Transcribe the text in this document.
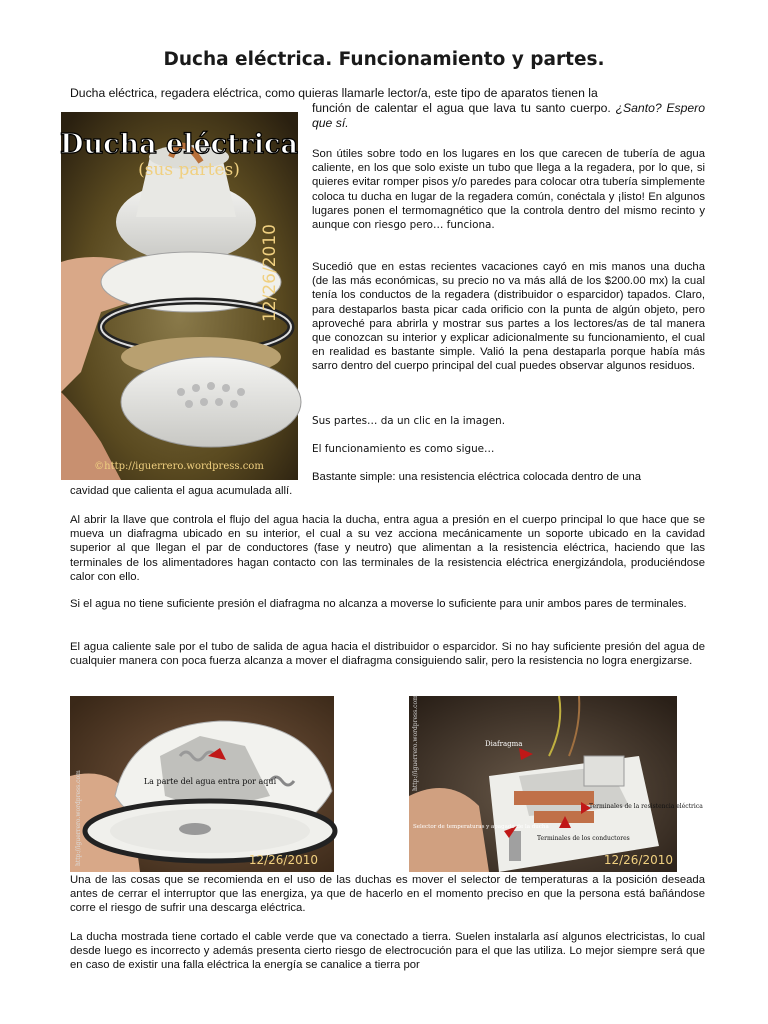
Ducha eléctrica. Funcionamiento y partes.

Ducha eléctrica, regadera eléctrica, como quieras llamarle lector/a, este tipo de aparatos tienen la

función de calentar el agua que lava tu santo cuerpo. ¿Santo? Espero que sí.

Ducha eléctrica
(sus partes)
12/26/2010
©http://iguerrero.wordpress.com

Son útiles sobre todo en los lugares en los que carecen de tubería de agua caliente, en los que solo existe un tubo que llega a la regadera, por lo que, si quieres evitar romper pisos y/o paredes para colocar otra tubería simplemente coloca tu ducha en lugar de la regadera común, conéctala y ¡listo! En algunos lugares ponen el termomagnético que la controla dentro del mismo recinto y aunque con riesgo pero… funciona.

Sucedió que en estas recientes vacaciones cayó en mis manos una ducha (de las más económicas, su precio no va más allá de los $200.00 mx) la cual tenía los conductos de la regadera (distribuidor o esparcidor) tapados. Claro, para destaparlos basta picar cada orificio con la punta de algún objeto, pero aproveché para abrirla y mostrar sus partes a los lectores/as de tal manera que conozcan su interior y explicar adicionalmente su funcionamiento, el cual en realidad es bastante simple. Valió la pena destaparla porque había más sarro dentro del cuerpo principal del cual puedes observar algunos residuos.

Sus partes… da un clic en la imagen.

El funcionamiento es como sigue…

Bastante simple: una resistencia eléctrica colocada dentro de una

cavidad que calienta el agua acumulada allí.

Al abrir la llave que controla el flujo del agua hacia la ducha, entra agua a presión en el cuerpo principal lo que hace que se mueva un diafragma ubicado en su interior, el cual a su vez acciona mecánicamente un soporte ubicado en la cavidad superior al que llegan el par de conductores (fase y neutro) que alimentan a la resistencia eléctrica, haciendo que las terminales de los alimentadores hagan contacto con las terminales de la resistencia eléctrica energizándola, produciéndose calor con ello.

Si el agua no tiene suficiente presión el diafragma no alcanza a moverse lo suficiente para unir ambos pares de terminales.

El agua caliente sale por el tubo de salida de agua hacia el distribuidor o esparcidor. Si no hay suficiente presión del agua de cualquier manera con poca fuerza alcanza a mover el diafragma consiguiendo salir, pero la resistencia no logra energizarse.

La parte del agua entra por aquí
12/26/2010
http://iguerrero.wordpress.com
Diafragma
Terminales de la resistencia eléctrica
Selector de temperaturas y apagado de la ducha
Terminales de los conductores
12/26/2010
http://iguerrero.wordpress.com

Una de las cosas que se recomienda en el uso de las duchas es mover el selector de temperaturas a la posición deseada antes de cerrar el interruptor que las energiza, ya que de hacerlo en el momento preciso en que la persona está bañándose corre el riesgo de sufrir una descarga eléctrica.

La ducha mostrada tiene cortado el cable verde que va conectado a tierra. Suelen instalarla así algunos electricistas, lo cual desde luego es incorrecto y además presenta cierto riesgo de electrocución para el que las utiliza. Lo mejor siempre será que en caso de existir una falla eléctrica la energía se canalice a tierra por
